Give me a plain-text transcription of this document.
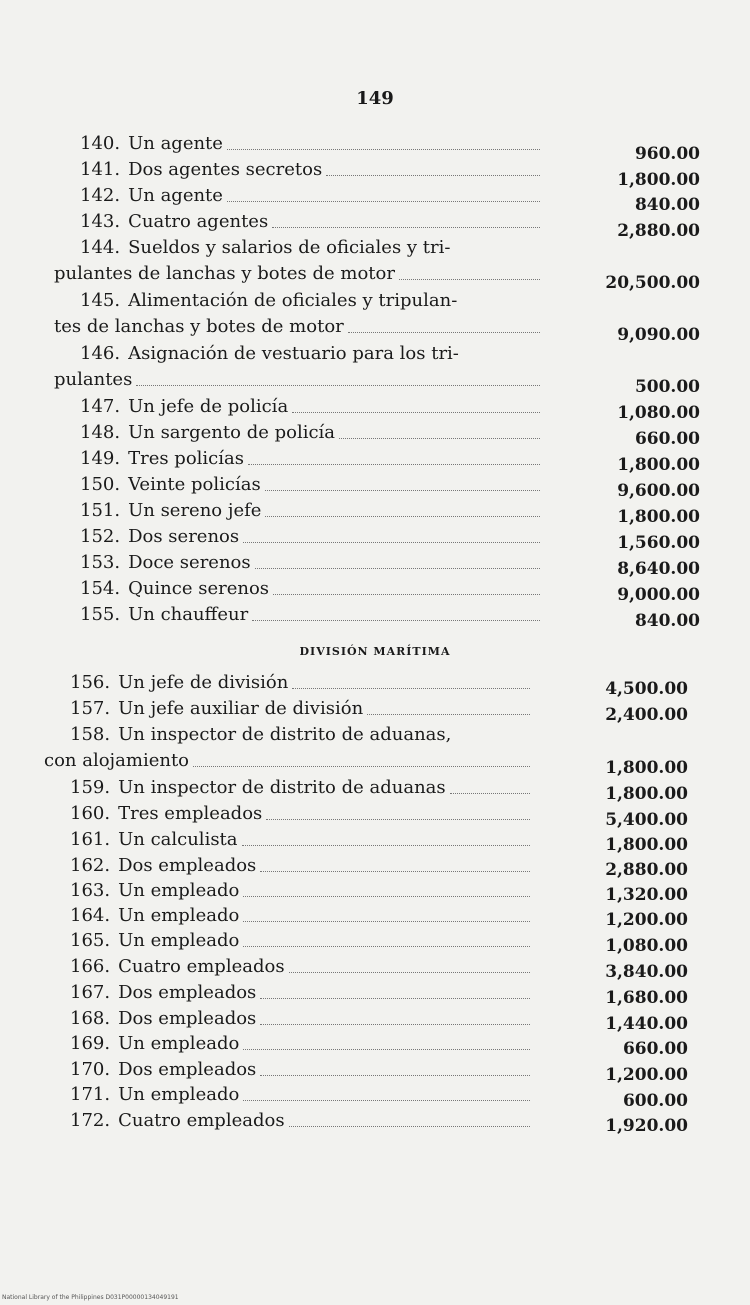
149
DIVISIÓN MARÍTIMA
140. Un agente	960.00
141. Dos agentes secretos	1,800.00
142. Un agente	840.00
143. Cuatro agentes	2,880.00
144. Sueldos y salarios de oficiales y tri-
pulantes de lanchas y botes de motor	20,500.00
145. Alimentación de oficiales y tripulan-
tes de lanchas y botes de motor	9,090.00
146. Asignación de vestuario para los tri-
pulantes	500.00
147. Un jefe de policía	1,080.00
148. Un sargento de policía	660.00
149. Tres policías	1,800.00
150. Veinte policías	9,600.00
151. Un sereno jefe	1,800.00
152. Dos serenos	1,560.00
153. Doce serenos	8,640.00
154. Quince serenos	9,000.00
155. Un chauffeur	840.00
156. Un jefe de división	4,500.00
157. Un jefe auxiliar de división	2,400.00
158. Un inspector de distrito de aduanas,
con alojamiento	1,800.00
159. Un inspector de distrito de aduanas	1,800.00
160. Tres empleados	5,400.00
161. Un calculista	1,800.00
162. Dos empleados	2,880.00
163. Un empleado	1,320.00
164. Un empleado	1,200.00
165. Un empleado	1,080.00
166. Cuatro empleados	3,840.00
167. Dos empleados	1,680.00
168. Dos empleados	1,440.00
169. Un empleado	660.00
170. Dos empleados	1,200.00
171. Un empleado	600.00
172. Cuatro empleados	1,920.00
National Library of the Philippines D031P00000134049191
